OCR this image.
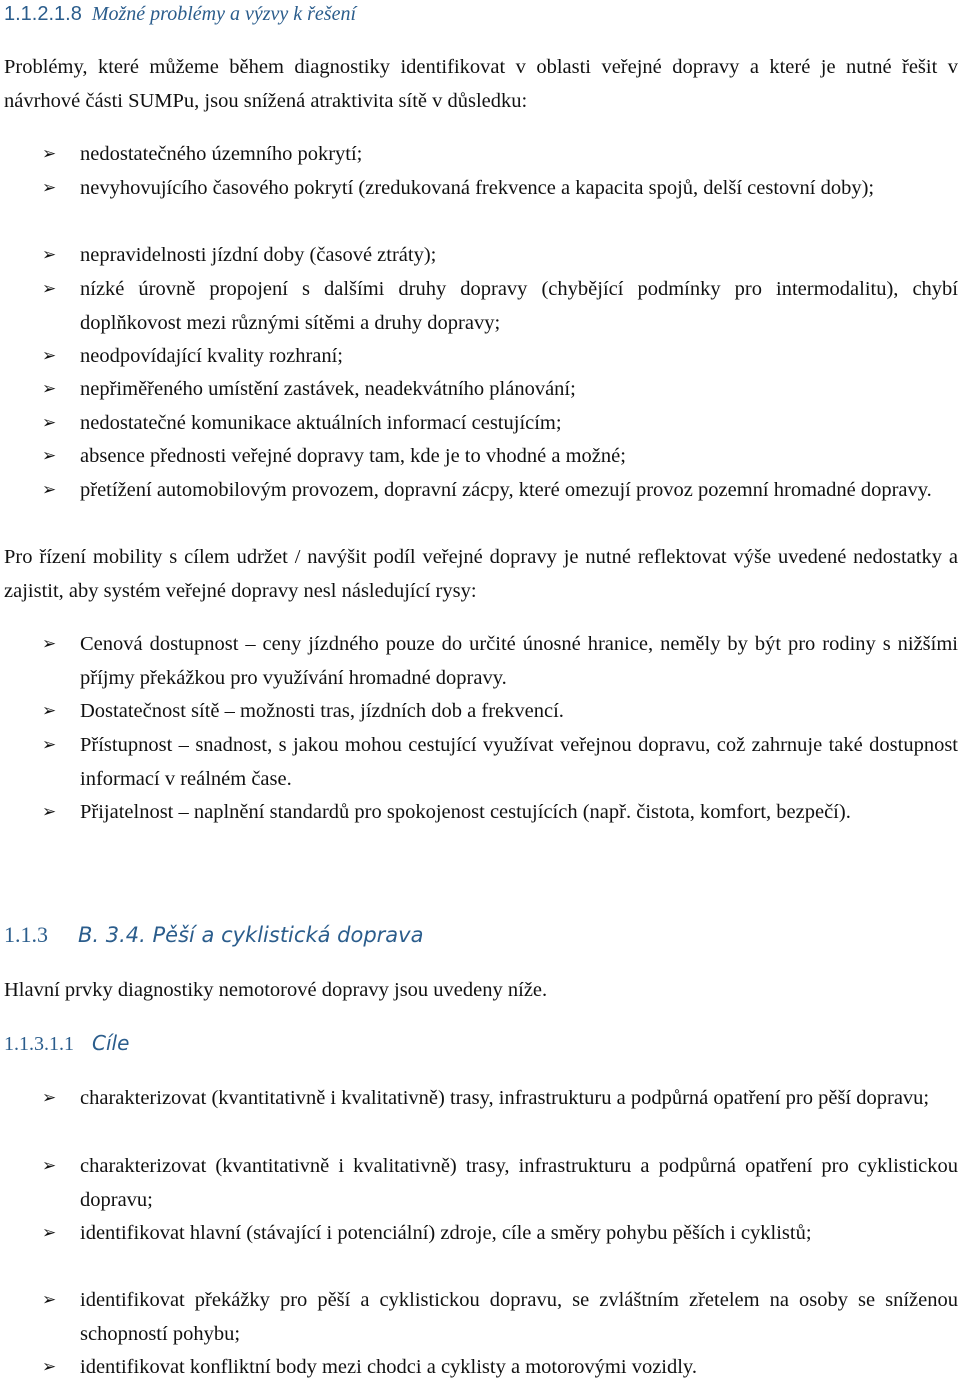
1.1.2.1.8 Možné problémy a výzvy k řešení

Problémy, které můžeme během diagnostiky identifikovat v oblasti veřejné dopravy a které je nutné řešit v návrhové části SUMPu, jsou snížená atraktivita sítě v důsledku:

➢	nedostatečného územního pokrytí;
➢	nevyhovujícího časového pokrytí (zredukovaná frekvence a kapacita spojů, delší cestovní doby);
➢	nepravidelnosti jízdní doby (časové ztráty);
➢	nízké úrovně propojení s dalšími druhy dopravy (chybějící podmínky pro intermodalitu), chybí doplňkovost mezi různými sítěmi a druhy dopravy;
➢	neodpovídající kvality rozhraní;
➢	nepřiměřeného umístění zastávek, neadekvátního plánování;
➢	nedostatečné komunikace aktuálních informací cestujícím;
➢	absence přednosti veřejné dopravy tam, kde je to vhodné a možné;
➢	přetížení automobilovým provozem, dopravní zácpy, které omezují provoz pozemní hromadné dopravy.

Pro řízení mobility s cílem udržet / navýšit podíl veřejné dopravy je nutné reflektovat výše uvedené nedostatky a zajistit, aby systém veřejné dopravy nesl následující rysy:

➢	Cenová dostupnost – ceny jízdného pouze do určité únosné hranice, neměly by být pro rodiny s nižšími příjmy překážkou pro využívání hromadné dopravy.
➢	Dostatečnost sítě – možnosti tras, jízdních dob a frekvencí.
➢	Přístupnost – snadnost, s jakou mohou cestující využívat veřejnou dopravu, což zahrnuje také dostupnost informací v reálném čase.
➢	Přijatelnost – naplnění standardů pro spokojenost cestujících (např. čistota, komfort, bezpečí).
1.1.3 B. 3.4. Pěší a cyklistická doprava

Hlavní prvky diagnostiky nemotorové dopravy jsou uvedeny níže.

1.1.3.1.1 Cíle
➢	charakterizovat (kvantitativně i kvalitativně) trasy, infrastrukturu a podpůrná opatření pro pěší dopravu;
➢	charakterizovat (kvantitativně i kvalitativně) trasy, infrastrukturu a podpůrná opatření pro cyklistickou dopravu;
➢	identifikovat hlavní (stávající i potenciální) zdroje, cíle a směry pohybu pěších i cyklistů;
➢	identifikovat překážky pro pěší a cyklistickou dopravu, se zvláštním zřetelem na osoby se sníženou schopností pohybu;
➢	identifikovat konfliktní body mezi chodci a cyklisty a motorovými vozidly.
